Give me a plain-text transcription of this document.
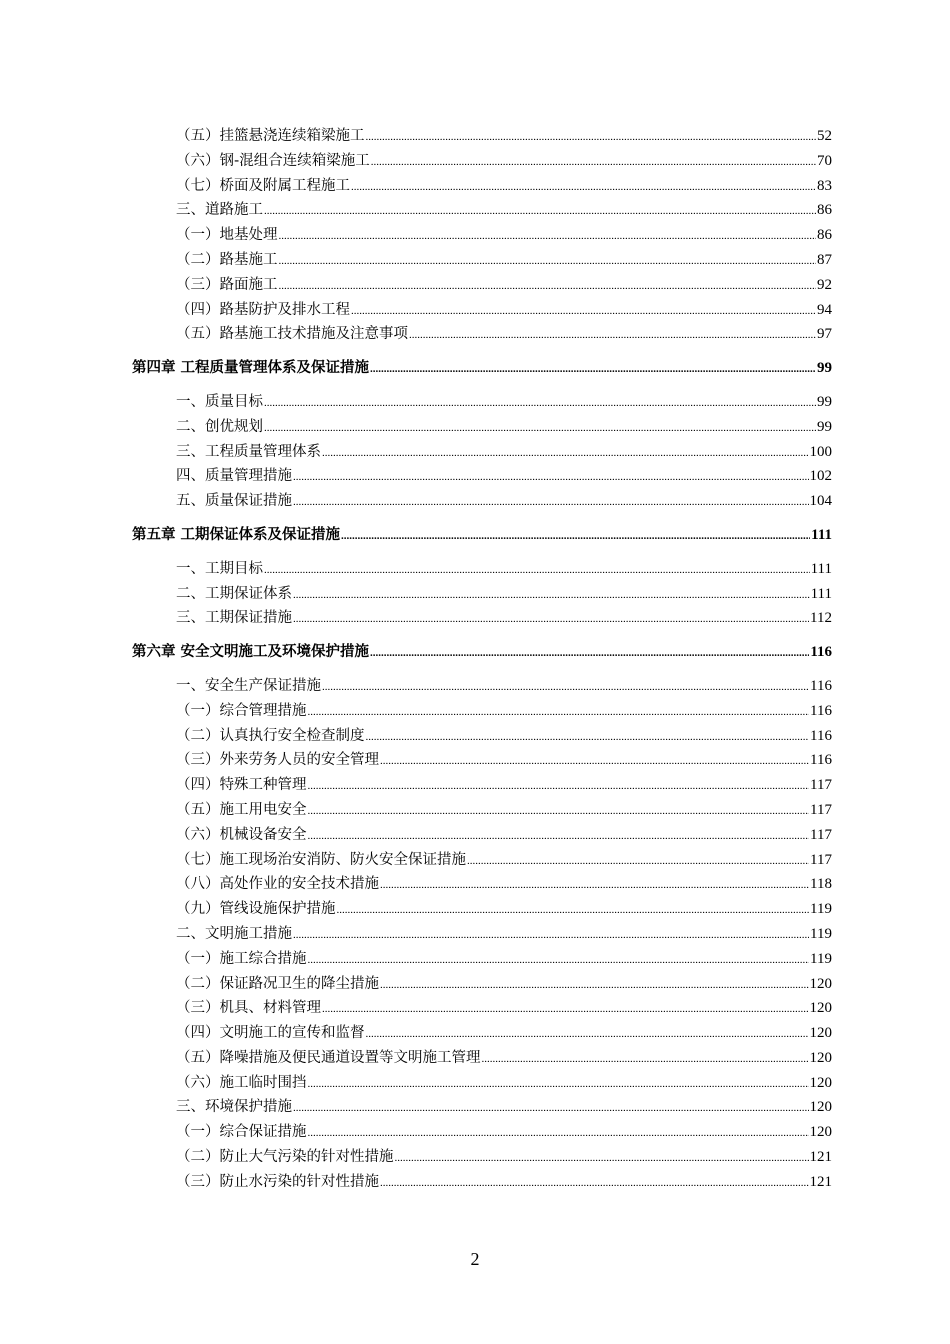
（五）挂篮悬浇连续箱梁施工 .....	52
（六）钢-混组合连续箱梁施工 .....	70
（七）桥面及附属工程施工 .....	83
三、道路施工 .....	86
（一）地基处理 .....	86
（二）路基施工 .....	87
（三）路面施工 .....	92
（四）路基防护及排水工程 .....	94
（五）路基施工技术措施及注意事项 .....	97
第四章 工程质量管理体系及保证措施 .....	99
一、质量目标 .....	99
二、创优规划 .....	99
三、工程质量管理体系 .....	100
四、质量管理措施 .....	102
五、质量保证措施 .....	104
第五章 工期保证体系及保证措施 .....	111
一、工期目标 .....	111
二、工期保证体系 .....	111
三、工期保证措施 .....	112
第六章 安全文明施工及环境保护措施 .....	116
一、安全生产保证措施 .....	116
（一）综合管理措施 .....	116
（二）认真执行安全检查制度 .....	116
（三）外来劳务人员的安全管理 .....	116
（四）特殊工种管理 .....	117
（五）施工用电安全 .....	117
（六）机械设备安全 .....	117
（七）施工现场治安消防、防火安全保证措施 .....	117
（八）高处作业的安全技术措施 .....	118
（九）管线设施保护措施 .....	119
二、文明施工措施 .....	119
（一）施工综合措施 .....	119
（二）保证路况卫生的降尘措施 .....	120
（三）机具、材料管理 .....	120
（四）文明施工的宣传和监督 .....	120
（五）降噪措施及便民通道设置等文明施工管理 .....	120
（六）施工临时围挡 .....	120
三、环境保护措施 .....	120
（一）综合保证措施 .....	120
（二）防止大气污染的针对性措施 .....	121
（三）防止水污染的针对性措施 .....	121
2
